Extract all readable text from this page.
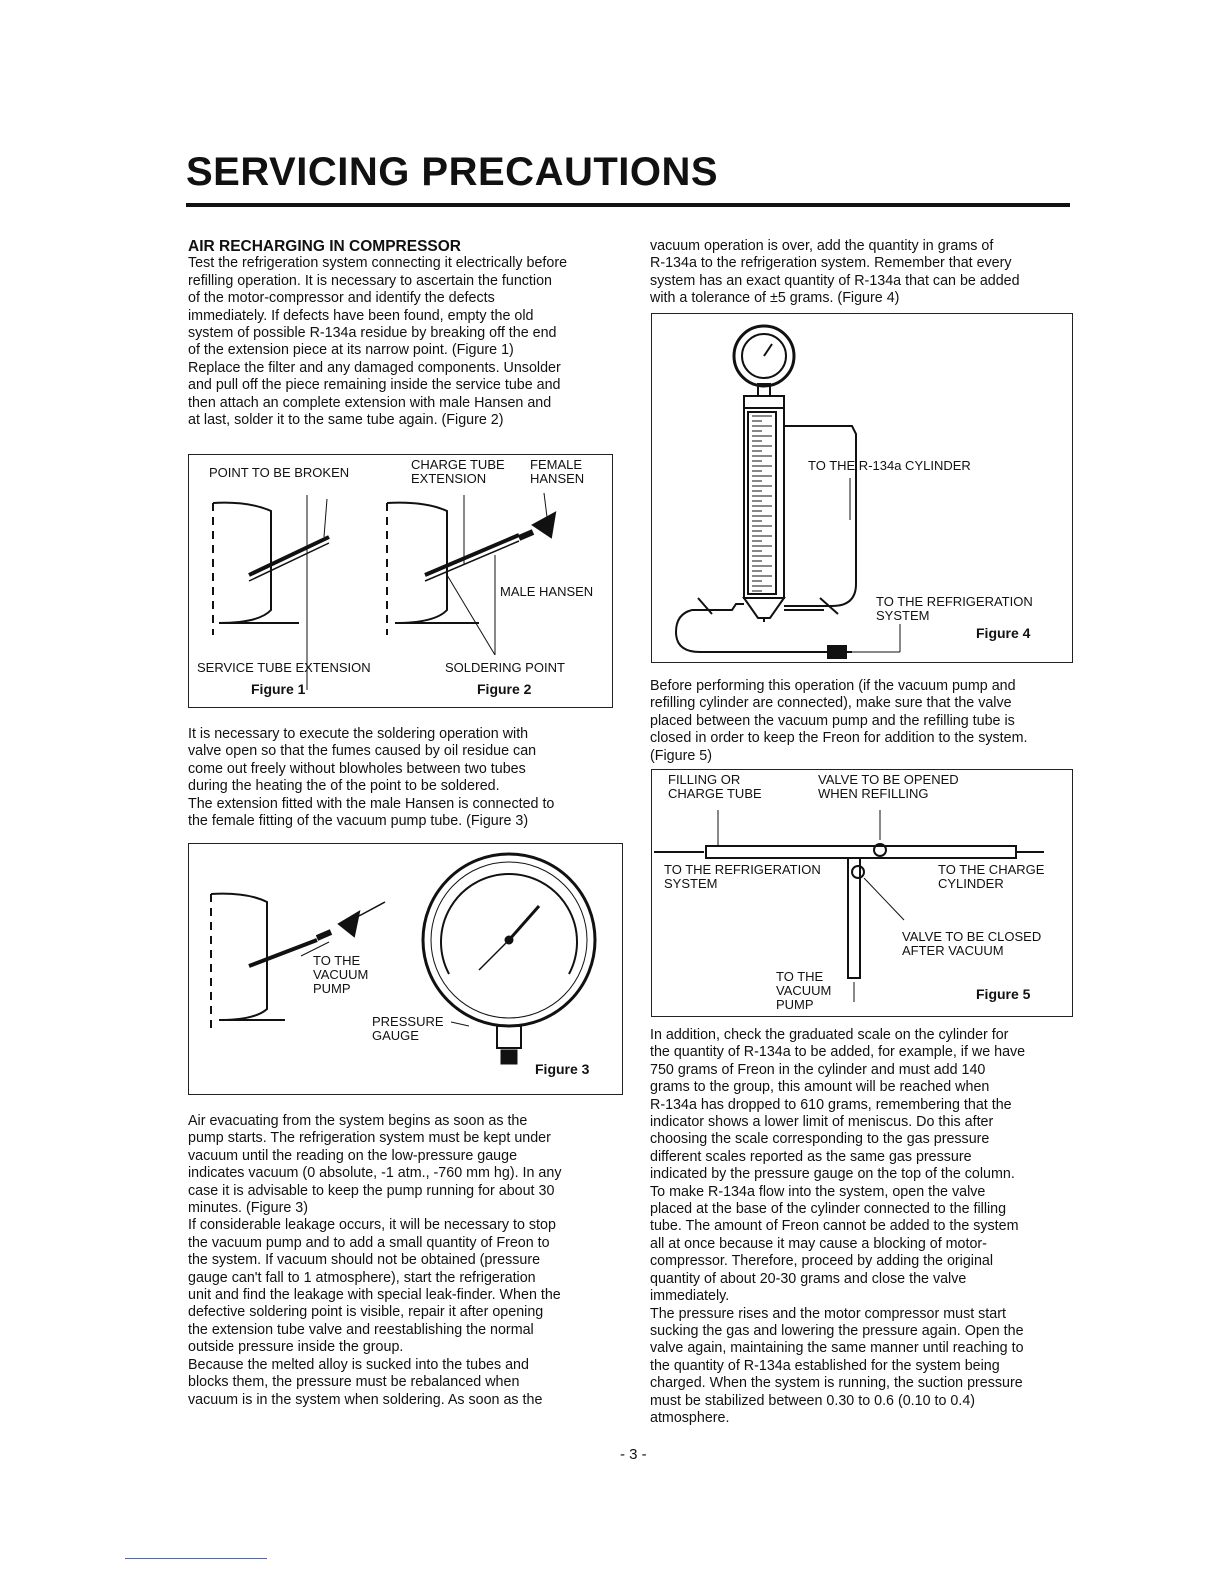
SERVICING PRECAUTIONS

AIR RECHARGING IN COMPRESSOR

Test the refrigeration system connecting it electrically before
refilling operation. It is necessary to ascertain the function
of the motor-compressor and identify the defects
immediately. If defects have been found, empty the old
system of possible R-134a residue by breaking off the end
of the extension piece at its narrow point. (Figure 1)
Replace the filter and any damaged components. Unsolder
and pull off the piece remaining inside the service tube and
then attach an complete extension with male Hansen and
at last, solder it to the same tube again. (Figure 2)
POINT TO BE BROKEN
CHARGE TUBE
EXTENSION
FEMALE
HANSEN
MALE HANSEN
SERVICE TUBE EXTENSION	SOLDERING POINT
Figure 1	Figure 2
It is necessary to execute the soldering operation with
valve open so that the fumes caused by oil residue can
come out freely without blowholes between two tubes
during the heating the of the point to be soldered.
The extension fitted with the male Hansen is connected to
the female fitting of the vacuum pump tube. (Figure 3)
TO THE
VACUUM
PUMP
PRESSURE
GAUGE
Figure 3
Air evacuating from the system begins as soon as the
pump starts. The refrigeration system must be kept under
vacuum until the reading on the low-pressure gauge
indicates vacuum (0 absolute, -1 atm., -760 mm hg). In any
case it is advisable to keep the pump running for about 30
minutes. (Figure 3)
If considerable leakage occurs, it will be necessary to stop
the vacuum pump and to add a small quantity of Freon to
the system. If vacuum should not be obtained (pressure
gauge can't fall to 1 atmosphere), start the refrigeration
unit and find the leakage with special leak-finder. When the
defective soldering point is visible, repair it after opening
the extension tube valve and reestablishing the normal
outside pressure inside the group.
Because the melted alloy is sucked into the tubes and
blocks them, the pressure must be rebalanced when
vacuum is in the system when soldering. As soon as the
vacuum operation is over, add the quantity in grams of
R-134a to the refrigeration system. Remember that every
system has an exact quantity of R-134a that can be added
with a tolerance of ±5 grams. (Figure 4)
TO THE R-134a CYLINDER
TO THE REFRIGERATION
SYSTEM
Figure 4
Before performing this operation (if the vacuum pump and
refilling cylinder are connected), make sure that the valve
placed between the vacuum pump and the refilling tube is
closed in order to keep the Freon for addition to the system.
(Figure 5)
FILLING OR
CHARGE TUBE
VALVE TO BE OPENED
WHEN REFILLING
TO THE REFRIGERATION
SYSTEM
TO THE CHARGE
CYLINDER
VALVE TO BE CLOSED
AFTER VACUUM
TO THE
VACUUM
PUMP
Figure 5
In addition, check the graduated scale on the cylinder for
the quantity of R-134a to be added, for example, if we have
750 grams of Freon in the cylinder and must add 140
grams to the group, this amount will be reached when
R-134a has dropped to 610 grams, remembering that the
indicator shows a lower limit of meniscus. Do this after
choosing the scale corresponding to the gas pressure
different scales reported as the same gas pressure
indicated by the pressure gauge on the top of the column.
To make R-134a flow into the system, open the valve
placed at the base of the cylinder connected to the filling
tube. The amount of Freon cannot be added to the system
all at once because it may cause a blocking of motor-
compressor. Therefore, proceed by adding the original
quantity of about 20-30 grams and close the valve
immediately.
The pressure rises and the motor compressor must start
sucking the gas and lowering the pressure again. Open the
valve again, maintaining the same manner until reaching to
the quantity of R-134a established for the system being
charged. When the system is running, the suction pressure
must be stabilized between 0.30 to 0.6 (0.10 to 0.4)
atmosphere.
- 3 -
